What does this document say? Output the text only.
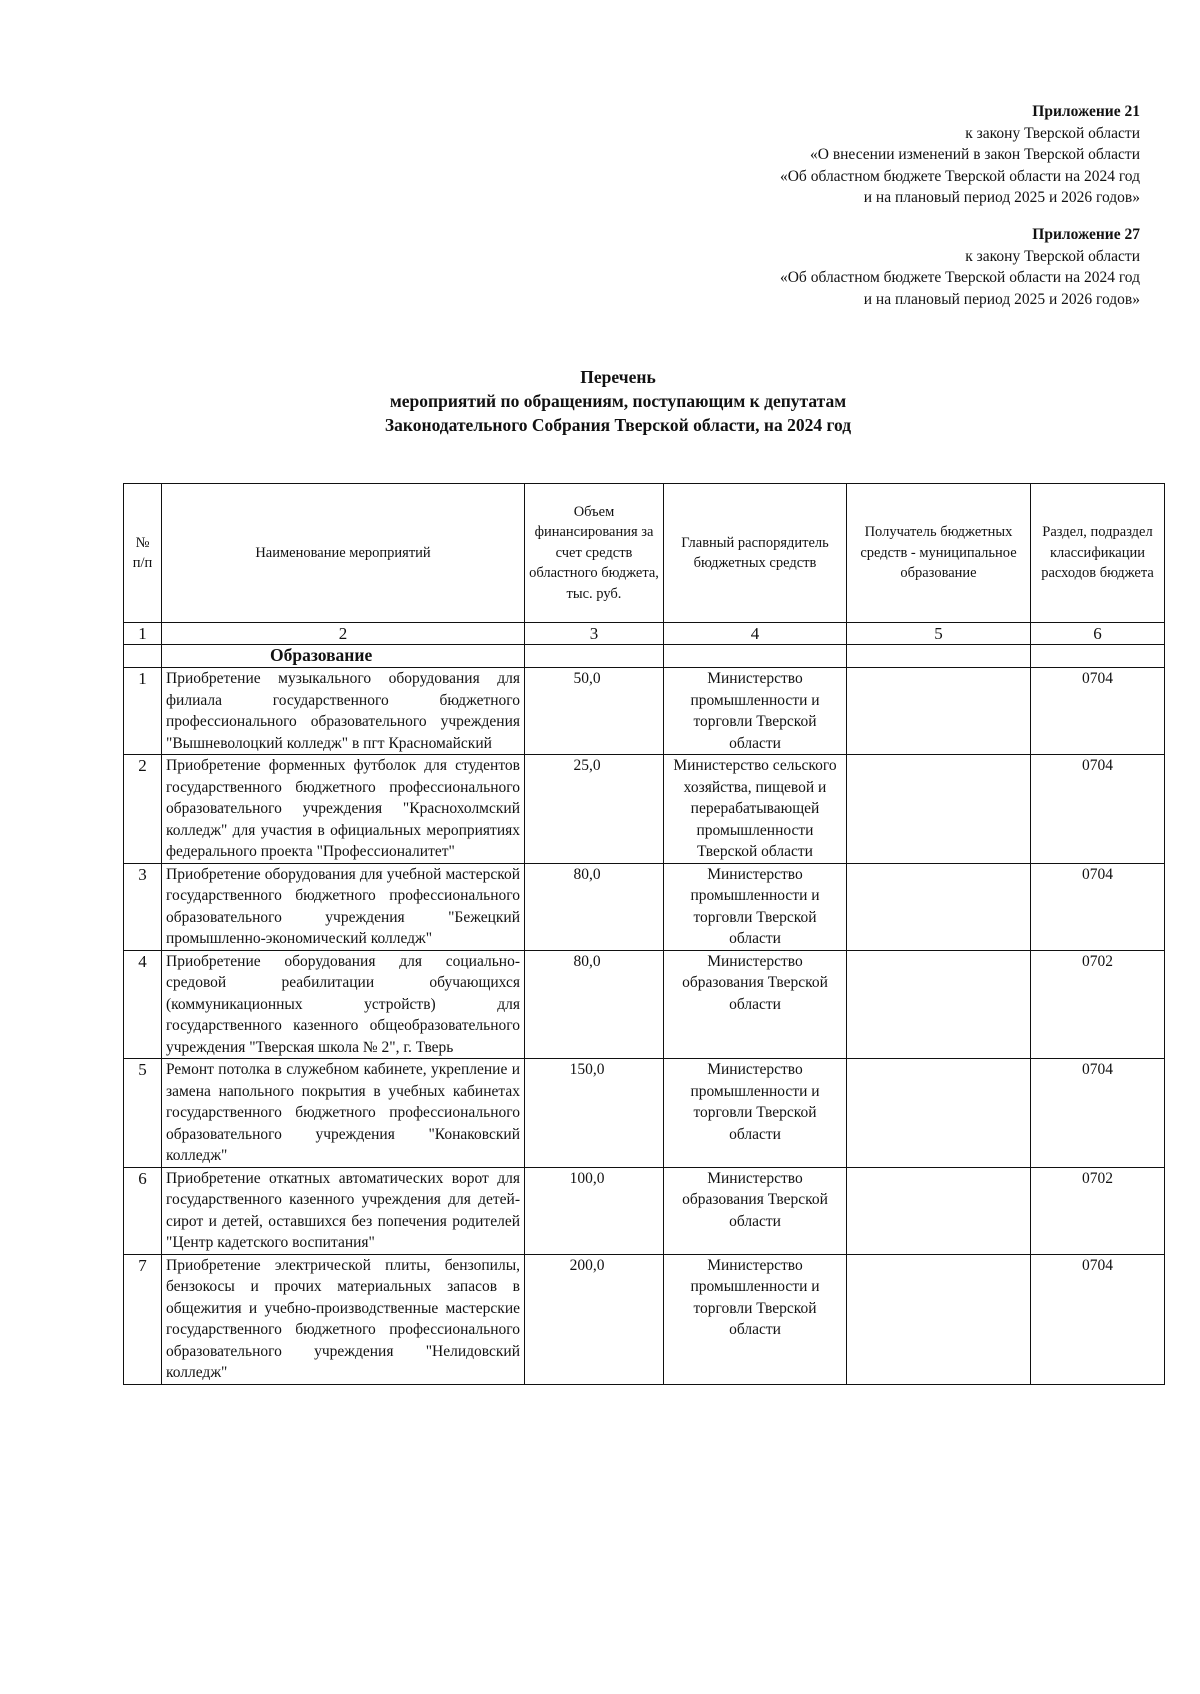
Приложение 21
к закону Тверской области
«О внесении изменений в закон Тверской области
«Об областном бюджете Тверской области на 2024 год
и на плановый период 2025 и 2026 годов»
Приложение 27
к закону Тверской области
«Об областном бюджете Тверской области на 2024 год
и на плановый период 2025 и 2026 годов»
Перечень
мероприятий по обращениям, поступающим к депутатам
Законодательного Собрания Тверской области, на 2024 год
№ п/п	Наименование мероприятий	Объем финансирования за счет средств областного бюджета, тыс. руб.	Главный распорядитель бюджетных средств	Получатель бюджетных средств - муниципальное образование	Раздел, подраздел классификации расходов бюджета
1	2	3	4	5	6
	Образование				
1	Приобретение музыкального оборудования для филиала государственного бюджетного профессионального образовательного учреждения "Вышневолоцкий колледж" в пгт Красномайский	50,0	Министерство промышленности и торговли Тверской области		0704
2	Приобретение форменных футболок для студентов государственного бюджетного профессионального образовательного учреждения "Краснохолмский колледж" для участия в официальных мероприятиях федерального проекта "Профессионалитет"	25,0	Министерство сельского хозяйства, пищевой и перерабатывающей промышленности Тверской области		0704
3	Приобретение оборудования для учебной мастерской государственного бюджетного профессионального образовательного учреждения "Бежецкий промышленно-экономический колледж"	80,0	Министерство промышленности и торговли Тверской области		0704
4	Приобретение оборудования для социально-средовой реабилитации обучающихся (коммуникационных устройств) для государственного казенного общеобразовательного учреждения "Тверская школа № 2", г. Тверь	80,0	Министерство образования Тверской области		0702
5	Ремонт потолка в служебном кабинете, укрепление и замена напольного покрытия в учебных кабинетах государственного бюджетного профессионального образовательного учреждения "Конаковский колледж"	150,0	Министерство промышленности и торговли Тверской области		0704
6	Приобретение откатных автоматических ворот для государственного казенного учреждения для детей-сирот и детей, оставшихся без попечения родителей "Центр кадетского воспитания"	100,0	Министерство образования Тверской области		0702
7	Приобретение электрической плиты, бензопилы, бензокосы и прочих материальных запасов в общежития и учебно-производственные мастерские государственного бюджетного профессионального образовательного учреждения "Нелидовский колледж"	200,0	Министерство промышленности и торговли Тверской области		0704
